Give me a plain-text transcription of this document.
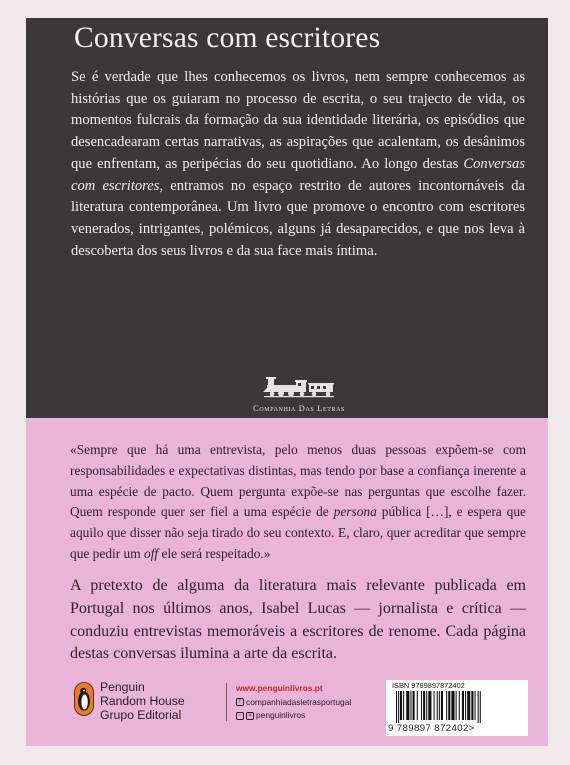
Conversas com escritores
Se é verdade que lhes conhecemos os livros, nem sempre conhecemos as histórias que os guiaram no processo de escrita, o seu trajecto de vida, os momentos fulcrais da formação da sua identidade literária, os episódios que desencadearam certas narrativas, as aspirações que acalentam, os desânimos que enfrentam, as peripécias do seu quotidiano. Ao longo destas Conversas com escritores, entramos no espaço restrito de autores incontornáveis da literatura contemporânea. Um livro que promove o encontro com escritores venerados, intrigantes, polémicos, alguns já desaparecidos, e que nos leva à descoberta dos seus livros e da sua face mais íntima.
Companhia Das Letras
«Sempre que há uma entrevista, pelo menos duas pessoas expõem-se com responsabilidades e expectativas distintas, mas tendo por base a confiança inerente a uma espécie de pacto. Quem pergunta expõe-se nas perguntas que escolhe fazer. Quem responde quer ser fiel a uma espécie de persona pública […], e espera que aquilo que disser não seja tirado do seu contexto. E, claro, quer acreditar que sempre que pedir um off ele será respeitado.»
A pretexto de alguma da literatura mais relevante publicada em Portugal nos últimos anos, Isabel Lucas — jornalista e crítica — conduziu entrevistas memoráveis a escritores de renome. Cada página destas conversas ilumina a arte da escrita.
Penguin
Random House
Grupo Editorial
www.penguinlivros.pt
f companhiadasletrasportugal
◦	× penguinlivros
ISBN 9789897872402
9 789897 872402>
